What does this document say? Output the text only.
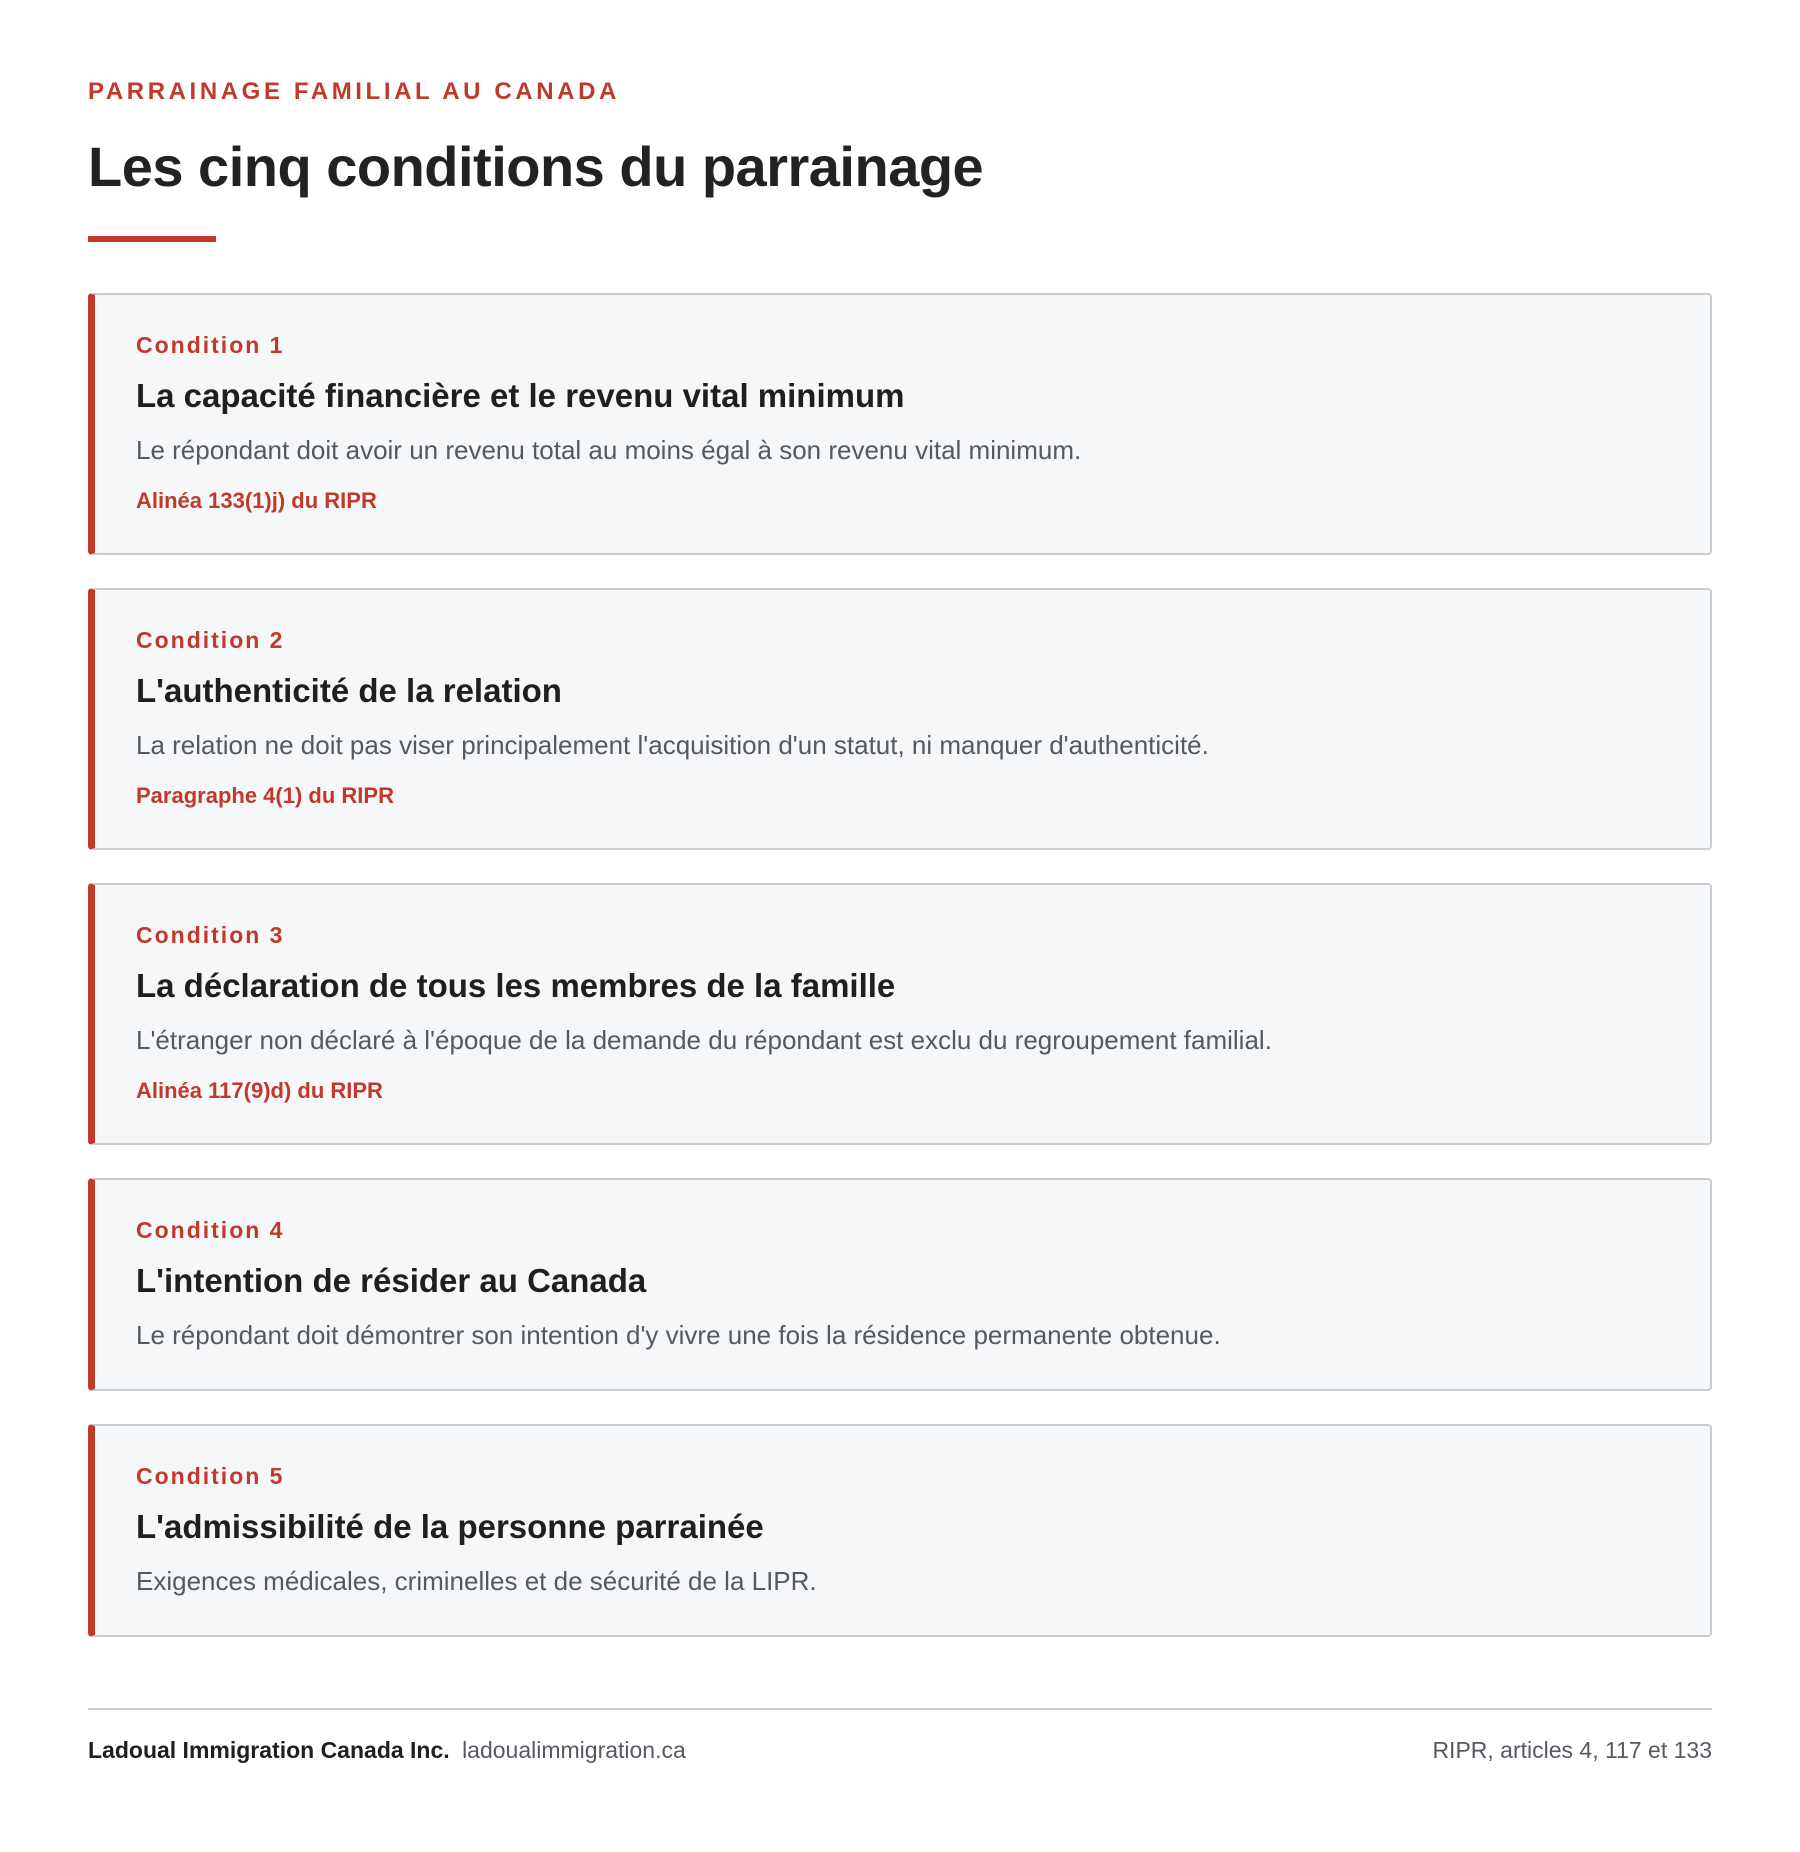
PARRAINAGE FAMILIAL AU CANADA

Les cinq conditions du parrainage

Condition 1

La capacité financière et le revenu vital minimum

Le répondant doit avoir un revenu total au moins égal à son revenu vital minimum.

Alinéa 133(1)j) du RIPR

Condition 2

L'authenticité de la relation

La relation ne doit pas viser principalement l'acquisition d'un statut, ni manquer d'authenticité.

Paragraphe 4(1) du RIPR

Condition 3

La déclaration de tous les membres de la famille

L'étranger non déclaré à l'époque de la demande du répondant est exclu du regroupement familial.

Alinéa 117(9)d) du RIPR

Condition 4

L'intention de résider au Canada

Le répondant doit démontrer son intention d'y vivre une fois la résidence permanente obtenue.

Condition 5

L'admissibilité de la personne parrainée

Exigences médicales, criminelles et de sécurité de la LIPR.

Ladoual Immigration Canada Inc. ladoualimmigration.ca	RIPR, articles 4, 117 et 133
